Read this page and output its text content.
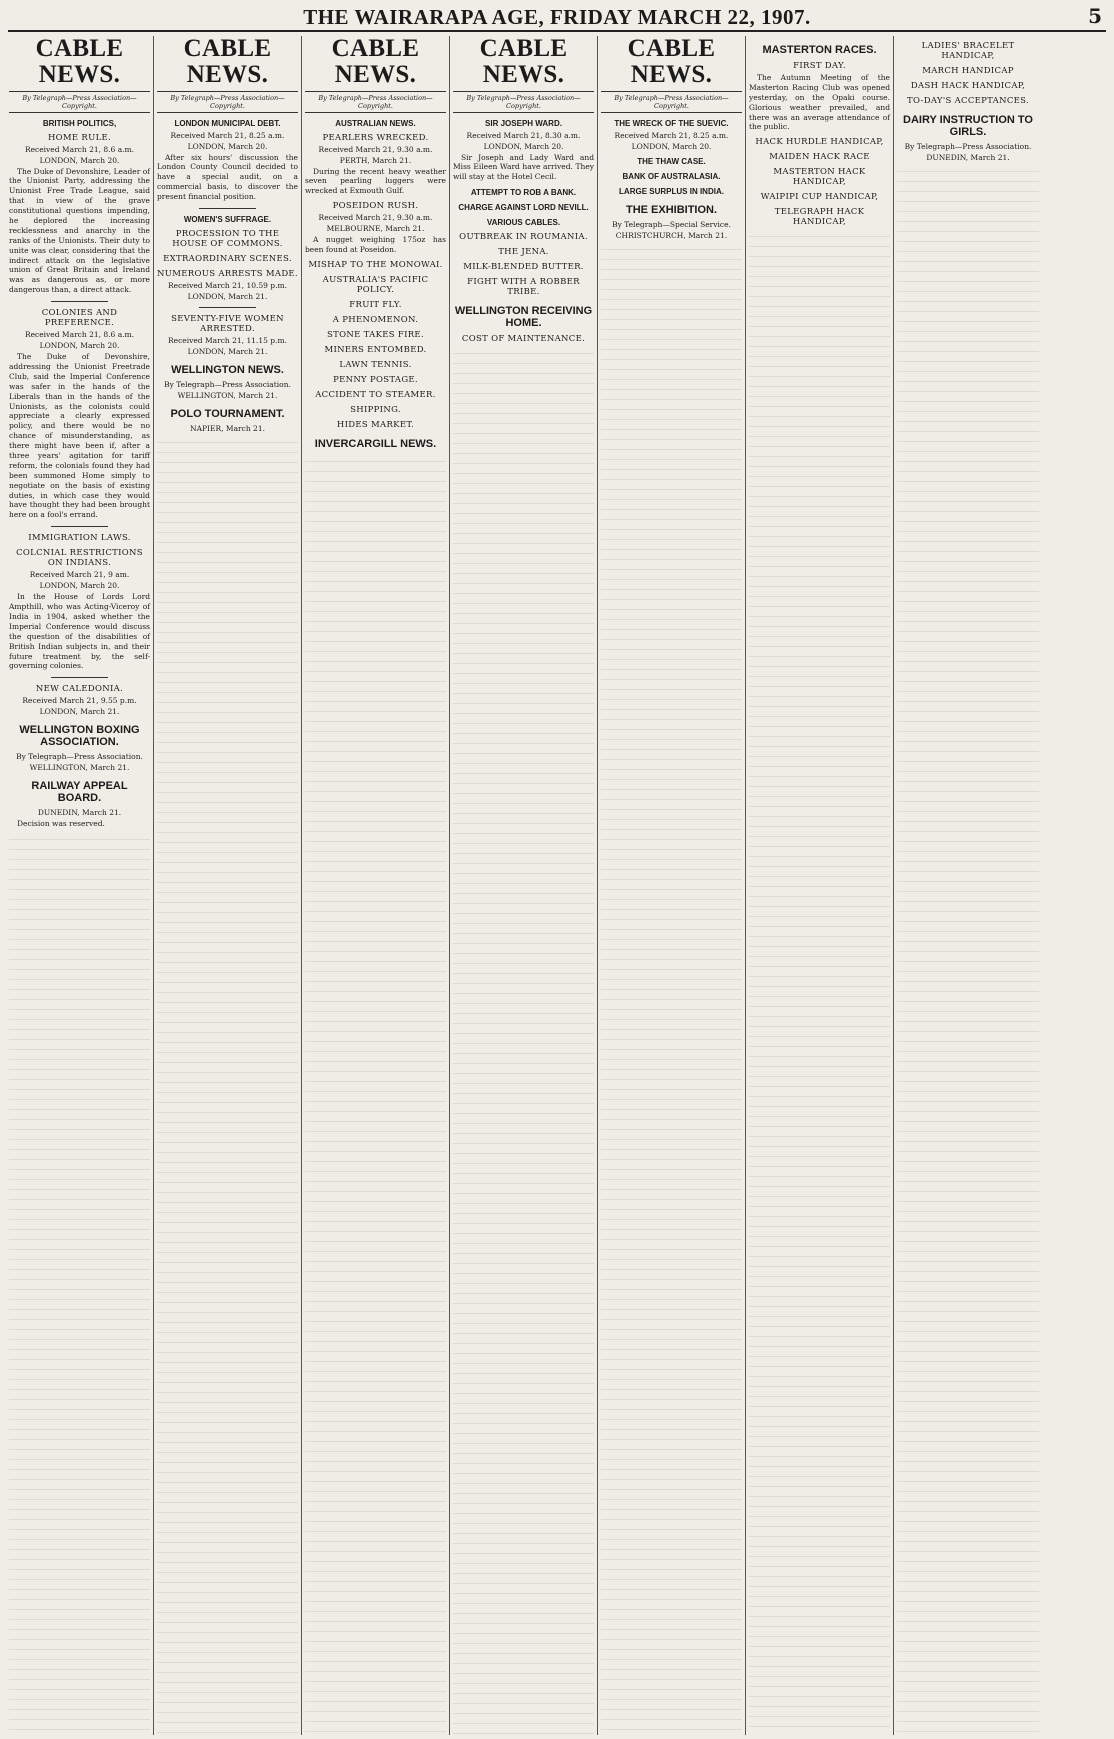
THE WAIRARAPA AGE, FRIDAY MARCH 22, 1907.	5
CABLE NEWS.
By Telegraph—Press Association—Copyright.
BRITISH POLITICS,
HOME RULE.
Received March 21, 8.6 a.m.
LONDON, March 20.

The Duke of Devonshire, Leader of the Unionist Party, addressing the Unionist Free Trade League, said that in view of the grave constitutional questions impending, he deplored the increasing recklessness and anarchy in the ranks of the Unionists. Their duty to unite was clear, considering that the indirect attack on the legislative union of Great Britain and Ireland was as dangerous as, or more dangerous than, a direct attack.

COLONIES AND PREFERENCE.
Received March 21, 8.6 a.m.
LONDON, March 20.

The Duke of Devonshire, addressing the Unionist Freetrade Club, said the Imperial Conference was safer in the hands of the Liberals than in the hands of the Unionists, as the colonists could appreciate a clearly expressed policy, and there would be no chance of misunderstanding, as there might have been if, after a three years' agitation for tariff reform, the colonials found they had been summoned Home simply to negotiate on the basis of existing duties, in which case they would have thought they had been brought here on a fool's errand.

IMMIGRATION LAWS.
COLCNIAL RESTRICTIONS ON INDIANS.
Received March 21, 9 am.
LONDON, March 20.

In the House of Lords Lord Ampthill, who was Acting-Viceroy of India in 1904, asked whether the Imperial Conference would discuss the question of the disabilities of British Indian subjects in, and their future treatment by, the self-governing colonies.

NEW CALEDONIA.
Received March 21, 9.55 p.m.
LONDON, March 21.
WELLINGTON BOXING ASSOCIATION.
By Telegraph—Press Association.
WELLINGTON, March 21.
RAILWAY APPEAL BOARD.
DUNEDIN, March 21.

Decision was reserved.

CABLE NEWS.
By Telegraph—Press Association—Copyright.
LONDON MUNICIPAL DEBT.
Received March 21, 8.25 a.m.
LONDON, March 20.

After six hours' discussion the London County Council decided to have a special audit, on a commercial basis, to discover the present financial position.

WOMEN'S SUFFRAGE.
PROCESSION TO THE HOUSE OF COMMONS.
EXTRAORDINARY SCENES.
NUMEROUS ARRESTS MADE.
Received March 21, 10.59 p.m.
LONDON, March 21.
SEVENTY-FIVE WOMEN ARRESTED.
Received March 21, 11.15 p.m.
LONDON, March 21.
WELLINGTON NEWS.
By Telegraph—Press Association.
WELLINGTON, March 21.
POLO TOURNAMENT.
NAPIER, March 21.
CABLE NEWS.
By Telegraph—Press Association—Copyright.
AUSTRALIAN NEWS.
PEARLERS WRECKED.
Received March 21, 9.30 a.m.
PERTH, March 21.

During the recent heavy weather seven pearling luggers were wrecked at Exmouth Gulf.

POSEIDON RUSH.
Received March 21, 9.30 a.m.
MELBOURNE, March 21.

A nugget weighing 175oz has been found at Poseidon.

MISHAP TO THE MONOWAI.
AUSTRALIA'S PACIFIC POLICY.
FRUIT FLY.
A PHENOMENON.
STONE TAKES FIRE.
MINERS ENTOMBED.
LAWN TENNIS.
PENNY POSTAGE.
ACCIDENT TO STEAMER.
SHIPPING.
HIDES MARKET.
INVERCARGILL NEWS.
CABLE NEWS.
By Telegraph—Press Association—Copyright.
SIR JOSEPH WARD.
Received March 21, 8.30 a.m.
LONDON, March 20.

Sir Joseph and Lady Ward and Miss Eileen Ward have arrived. They will stay at the Hotel Cecil.

ATTEMPT TO ROB A BANK.
CHARGE AGAINST LORD NEVILL.
VARIOUS CABLES.
OUTBREAK IN ROUMANIA.
THE JENA.
MILK-BLENDED BUTTER.
FIGHT WITH A ROBBER TRIBE.
WELLINGTON RECEIVING HOME.
COST OF MAINTENANCE.
CABLE NEWS.
By Telegraph—Press Association—Copyright.
THE WRECK OF THE SUEVIC.
Received March 21, 8.25 a.m.
LONDON, March 20.
THE THAW CASE.
BANK OF AUSTRALASIA.
LARGE SURPLUS IN INDIA.
THE EXHIBITION.
By Telegraph—Special Service.
CHRISTCHURCH, March 21.
MASTERTON RACES.
FIRST DAY.

The Autumn Meeting of the Masterton Racing Club was opened yesterday, on the Opaki course. Glorious weather prevailed, and there was an average attendance of the public.

HACK HURDLE HANDICAP,
MAIDEN HACK RACE
MASTERTON HACK HANDICAP,
WAIPIPI CUP HANDICAP,
TELEGRAPH HACK HANDICAP,
LADIES' BRACELET HANDICAP,
MARCH HANDICAP
DASH HACK HANDICAP,
TO-DAY'S ACCEPTANCES.
DAIRY INSTRUCTION TO GIRLS.
By Telegraph—Press Association.
DUNEDIN, March 21.
